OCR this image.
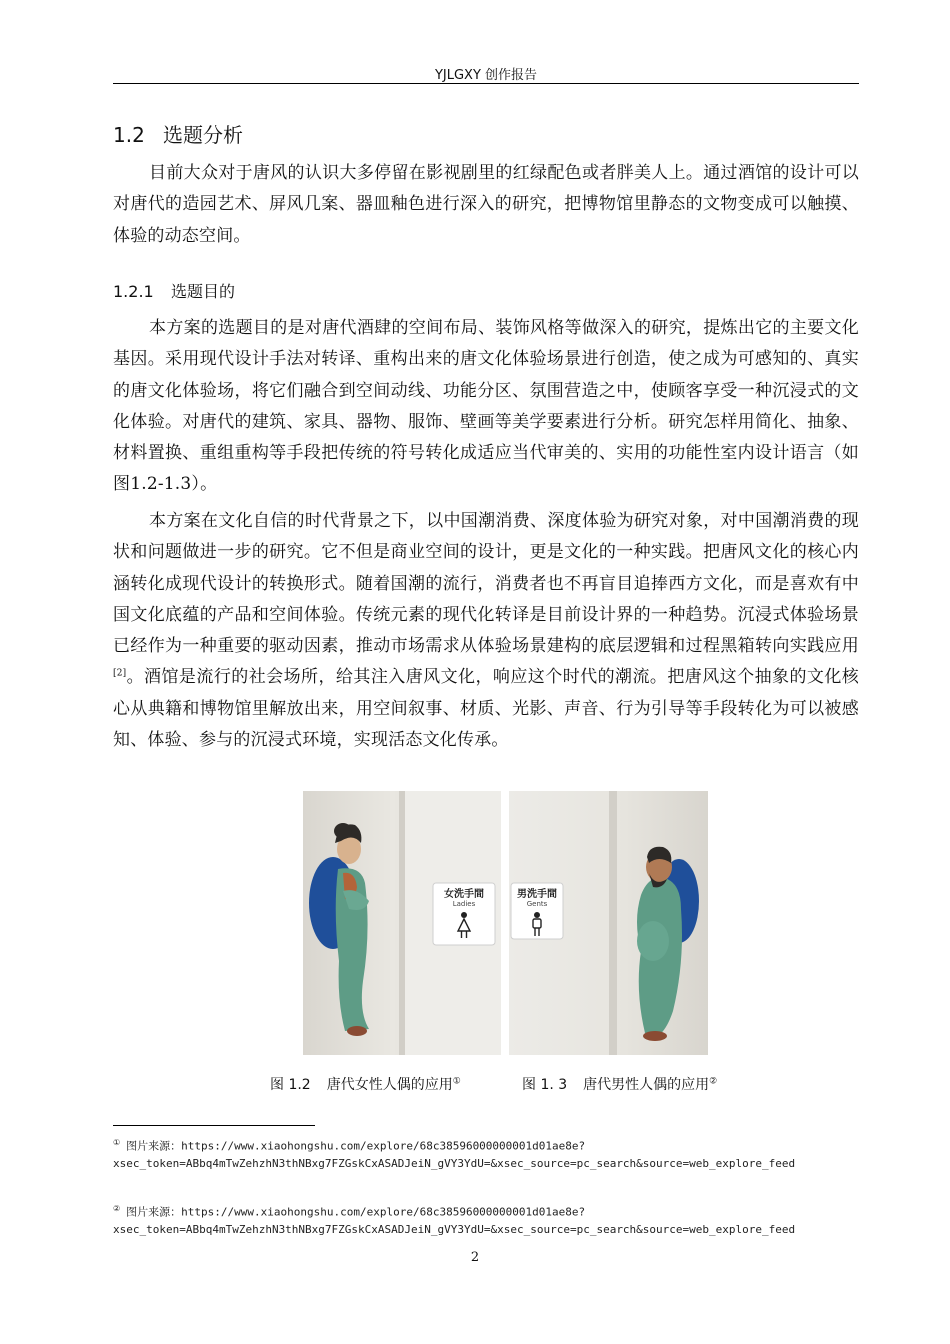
YJLGXY 创作报告
1.2 选题分析

目前大众对于唐风的认识大多停留在影视剧里的红绿配色或者胖美人上。通过酒馆的设计可以对唐代的造园艺术、屏风几案、器皿釉色进行深入的研究，把博物馆里静态的文物变成可以触摸、体验的动态空间。

1.2.1 选题目的

本方案的选题目的是对唐代酒肆的空间布局、装饰风格等做深入的研究，提炼出它的主要文化基因。采用现代设计手法对转译、重构出来的唐文化体验场景进行创造，使之成为可感知的、真实的唐文化体验场，将它们融合到空间动线、功能分区、氛围营造之中，使顾客享受一种沉浸式的文化体验。对唐代的建筑、家具、器物、服饰、壁画等美学要素进行分析。研究怎样用简化、抽象、材料置换、重组重构等手段把传统的符号转化成适应当代审美的、实用的功能性室内设计语言（如图1.2-1.3）。

本方案在文化自信的时代背景之下，以中国潮消费、深度体验为研究对象，对中国潮消费的现状和问题做进一步的研究。它不但是商业空间的设计，更是文化的一种实践。把唐风文化的核心内涵转化成现代设计的转换形式。随着国潮的流行，消费者也不再盲目追捧西方文化，而是喜欢有中国文化底蕴的产品和空间体验。传统元素的现代化转译是目前设计界的一种趋势。沉浸式体验场景已经作为一种重要的驱动因素，推动市场需求从体验场景建构的底层逻辑和过程黑箱转向实践应用[2]。酒馆是流行的社会场所，给其注入唐风文化，响应这个时代的潮流。把唐风这个抽象的文化核心从典籍和博物馆里解放出来，用空间叙事、材质、光影、声音、行为引导等手段转化为可以被感知、体验、参与的沉浸式环境，实现活态文化传承。

女洗手間
Ladies
男洗手間
Gents
图 1.2 唐代女性人偶的应用①	图 1. 3 唐代男性人偶的应用②
① 图片来源：https://www.xiaohongshu.com/explore/68c38596000000001d01ae8e?
xsec_token=ABbq4mTwZehzhN3thNBxg7FZGskCxASADJeiN_gVY3YdU=&xsec_source=pc_search&source=web_explore_feed
② 图片来源：https://www.xiaohongshu.com/explore/68c38596000000001d01ae8e?
xsec_token=ABbq4mTwZehzhN3thNBxg7FZGskCxASADJeiN_gVY3YdU=&xsec_source=pc_search&source=web_explore_feed
2
